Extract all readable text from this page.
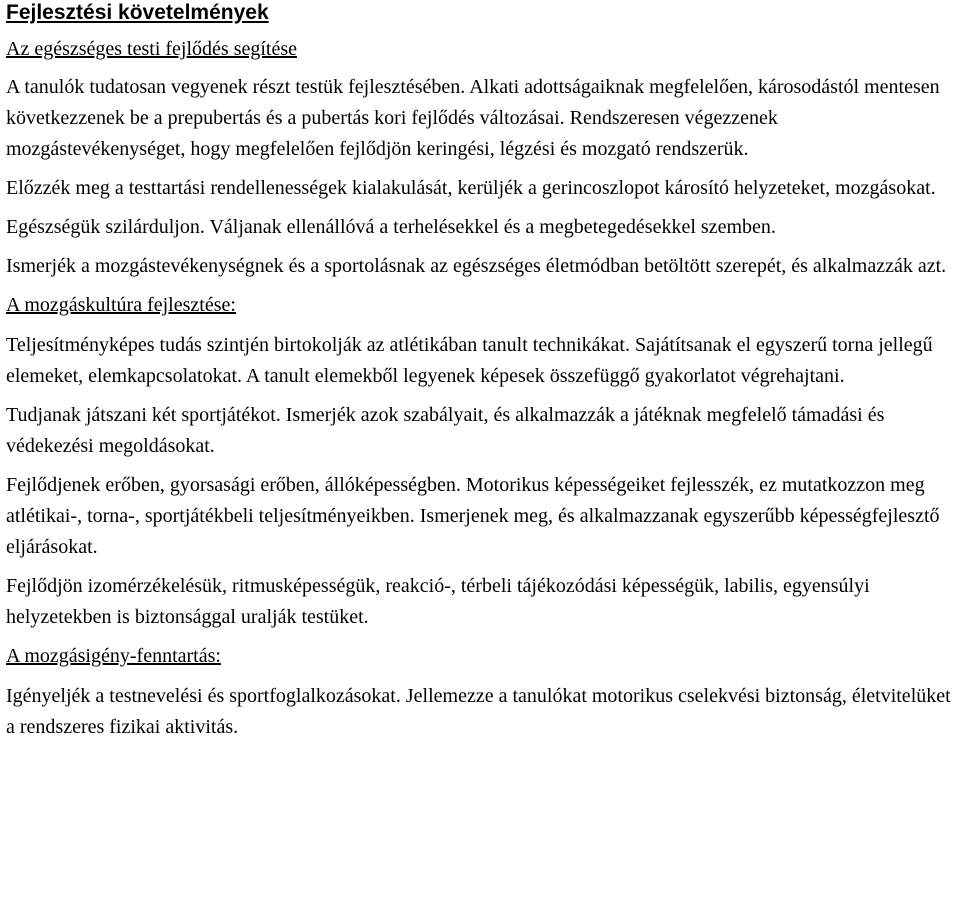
Fejlesztési követelmények

Az egészséges testi fejlődés segítése

A tanulók tudatosan vegyenek részt testük fejlesztésében. Alkati adottságaiknak megfelelően, károsodástól mentesen következzenek be a prepubertás és a pubertás kori fejlődés változásai. Rendszeresen végezzenek mozgástevékenységet, hogy megfelelően fejlődjön keringési, légzési és mozgató rendszerük.

Előzzék meg a testtartási rendellenességek kialakulását, kerüljék a gerincoszlopot károsító helyzeteket, mozgásokat.

Egészségük szilárduljon. Váljanak ellenállóvá a terhelésekkel és a megbetegedésekkel szemben.

Ismerjék a mozgástevékenységnek és a sportolásnak az egészséges életmódban betöltött szerepét, és alkalmazzák azt.

A mozgáskultúra fejlesztése:

Teljesítményképes tudás szintjén birtokolják az atlétikában tanult technikákat. Sajátítsanak el egyszerű torna jellegű elemeket, elemkapcsolatokat. A tanult elemekből legyenek képesek összefüggő gyakorlatot végrehajtani.

Tudjanak játszani két sportjátékot. Ismerjék azok szabályait, és alkalmazzák a játéknak megfelelő támadási és védekezési megoldásokat.

Fejlődjenek erőben, gyorsasági erőben, állóképességben. Motorikus képességeiket fejlesszék, ez mutatkozzon meg atlétikai-, torna-, sportjátékbeli teljesítményeikben. Ismerjenek meg, és alkalmazzanak egyszerűbb képességfejlesztő eljárásokat.

Fejlődjön izomérzékelésük, ritmusképességük, reakció-, térbeli tájékozódási képességük, labilis, egyensúlyi helyzetekben is biztonsággal uralják testüket.

A mozgásigény-fenntartás:

Igényeljék a testnevelési és sportfoglalkozásokat. Jellemezze a tanulókat motorikus cselekvési biztonság, életvitelüket a rendszeres fizikai aktivitás.
